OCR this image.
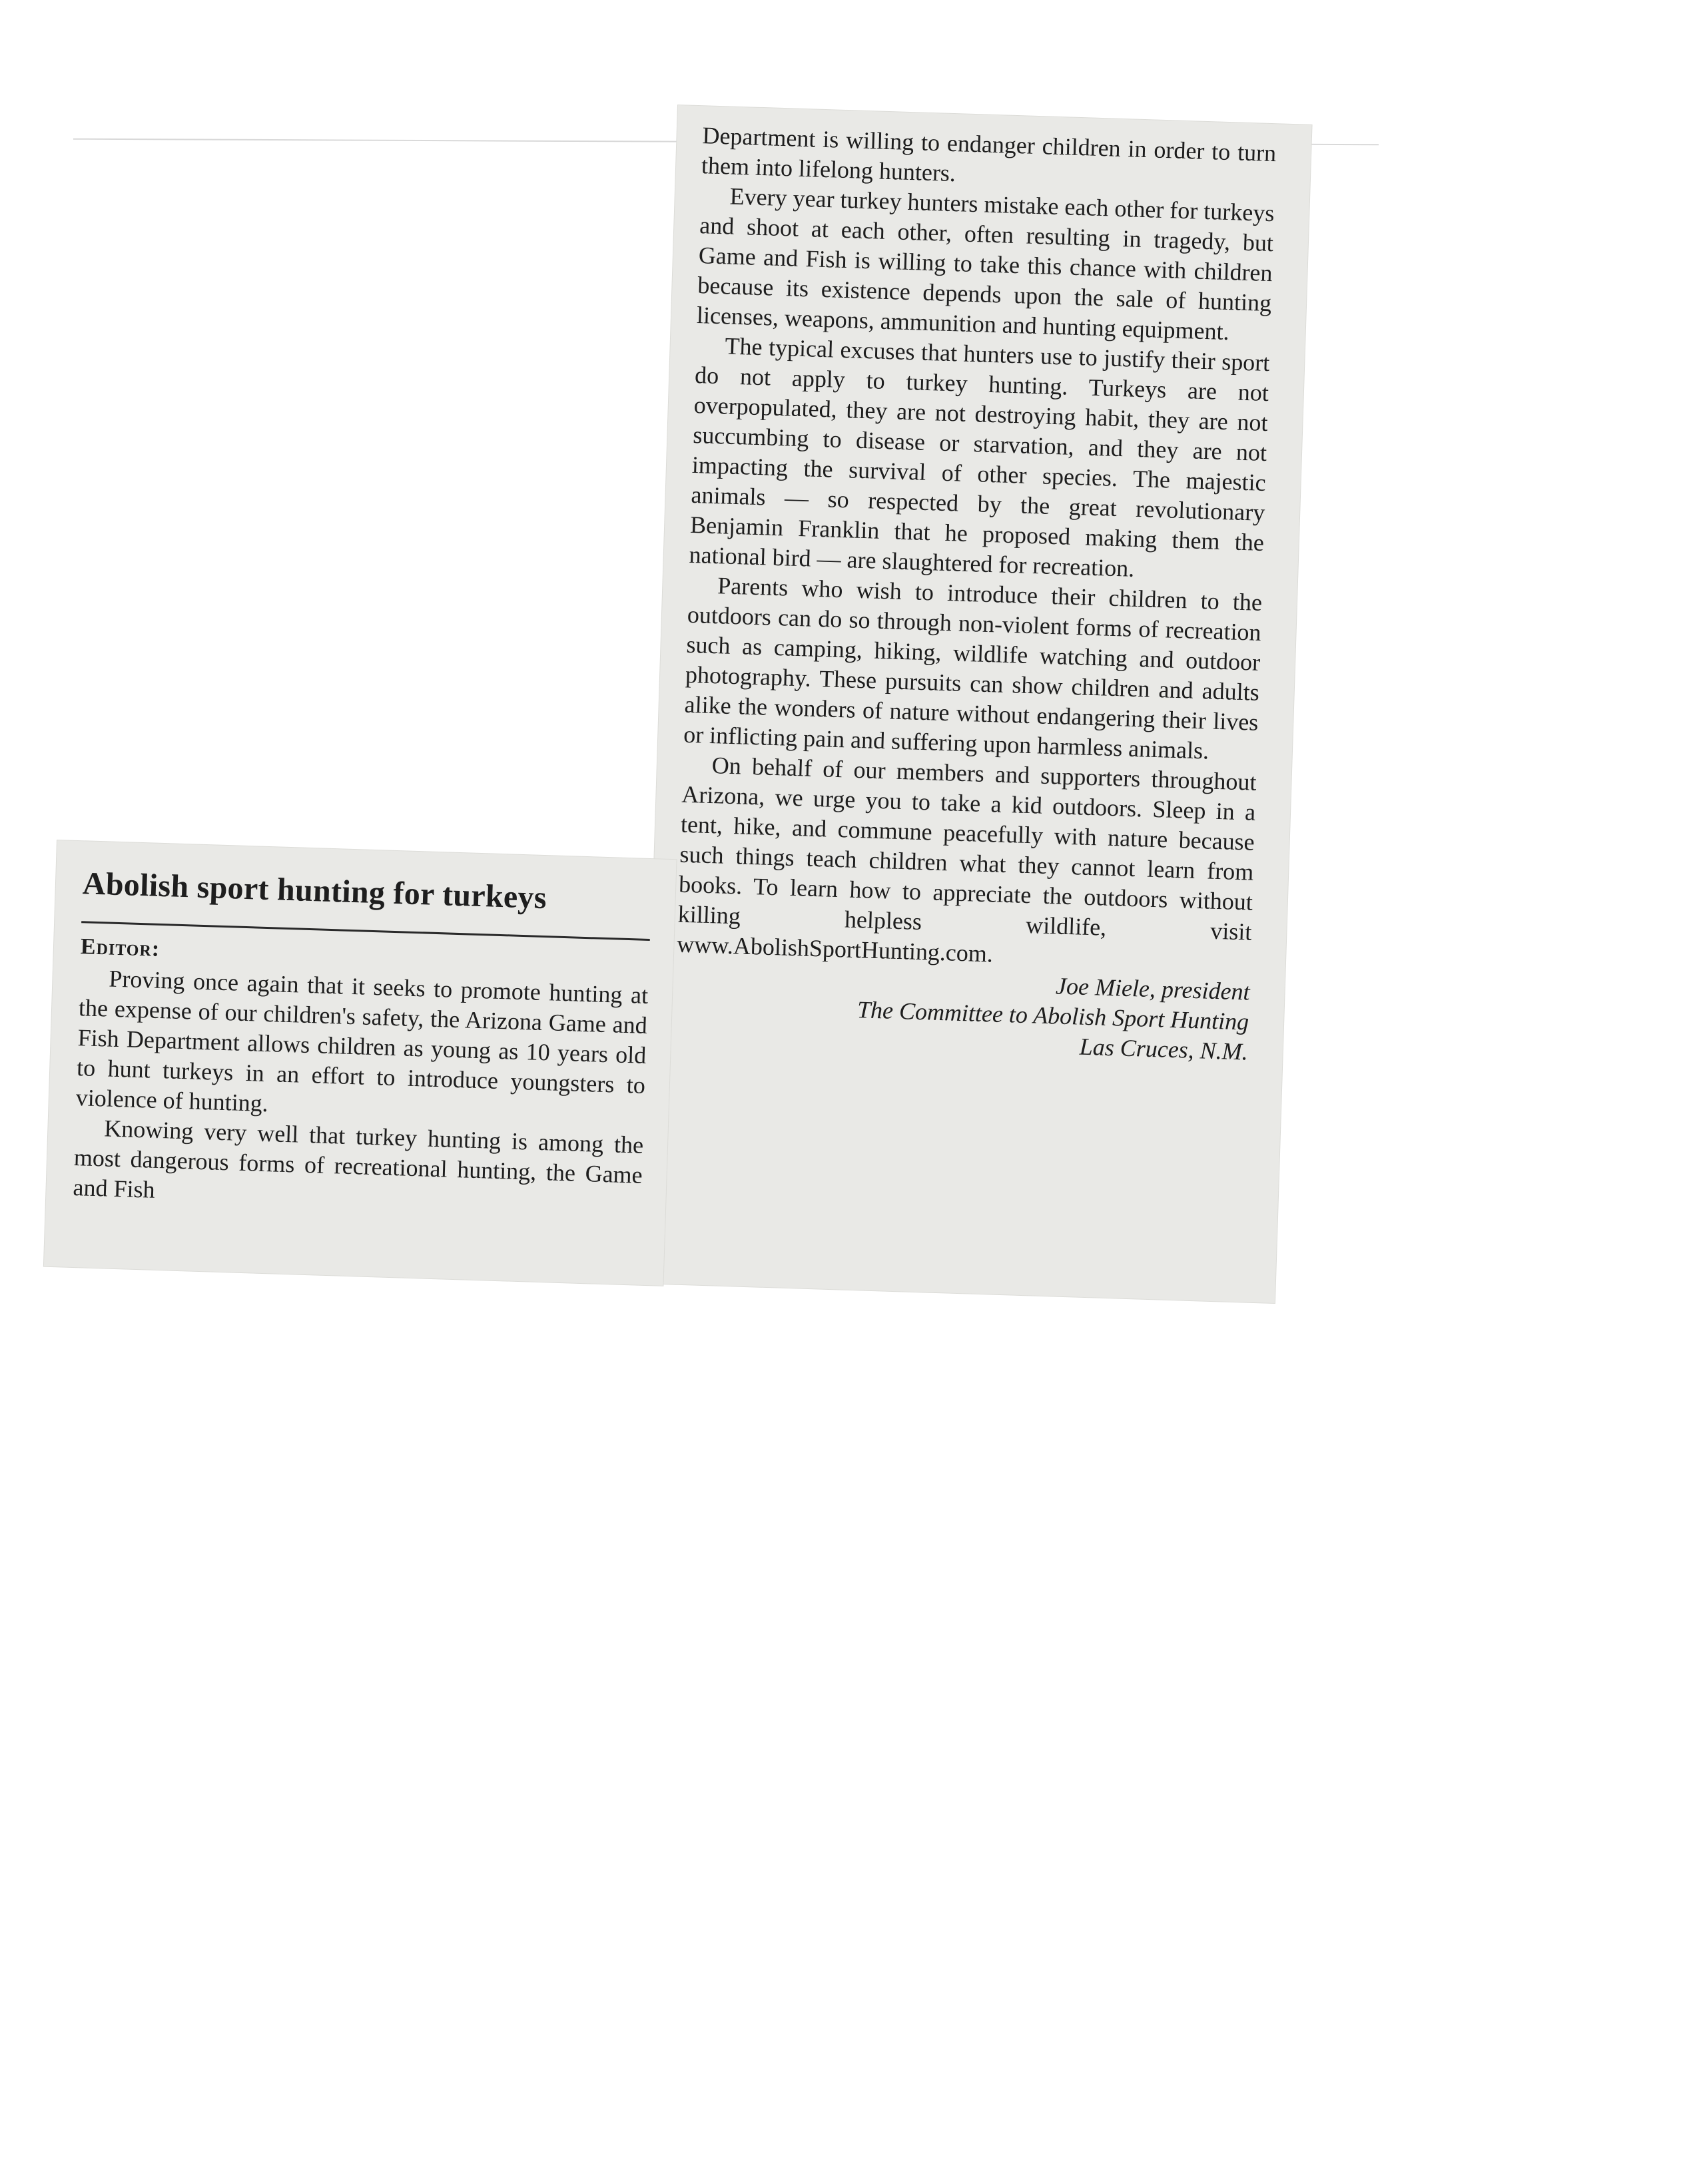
Department is willing to endanger children in order to turn them into lifelong hunters.

Every year turkey hunters mistake each other for turkeys and shoot at each other, often resulting in tragedy, but Game and Fish is willing to take this chance with children because its existence depends upon the sale of hunting licenses, weapons, ammunition and hunting equipment.

The typical excuses that hunters use to justify their sport do not apply to turkey hunting. Turkeys are not overpopulated, they are not destroying habit, they are not succumbing to disease or starvation, and they are not impacting the survival of other species. The majestic animals — so respected by the great revolutionary Benjamin Franklin that he proposed making them the national bird — are slaughtered for recreation.

Parents who wish to introduce their children to the outdoors can do so through non-violent forms of recreation such as camping, hiking, wildlife watching and outdoor photography. These pursuits can show children and adults alike the wonders of nature without endangering their lives or inflicting pain and suffering upon harmless animals.

On behalf of our members and supporters throughout Arizona, we urge you to take a kid outdoors. Sleep in a tent, hike, and commune peacefully with nature because such things teach children what they cannot learn from books. To learn how to appreciate the outdoors without killing helpless wildlife, visit www.AbolishSportHunting.com.

Joe Miele, president
The Committee to Abolish Sport Hunting
Las Cruces, N.M.
Abolish sport hunting for turkeys
Editor:

Proving once again that it seeks to promote hunting at the expense of our children's safety, the Arizona Game and Fish Department allows children as young as 10 years old to hunt turkeys in an effort to introduce youngsters to violence of hunting.

Knowing very well that turkey hunting is among the most dangerous forms of recreational hunting, the Game and Fish
